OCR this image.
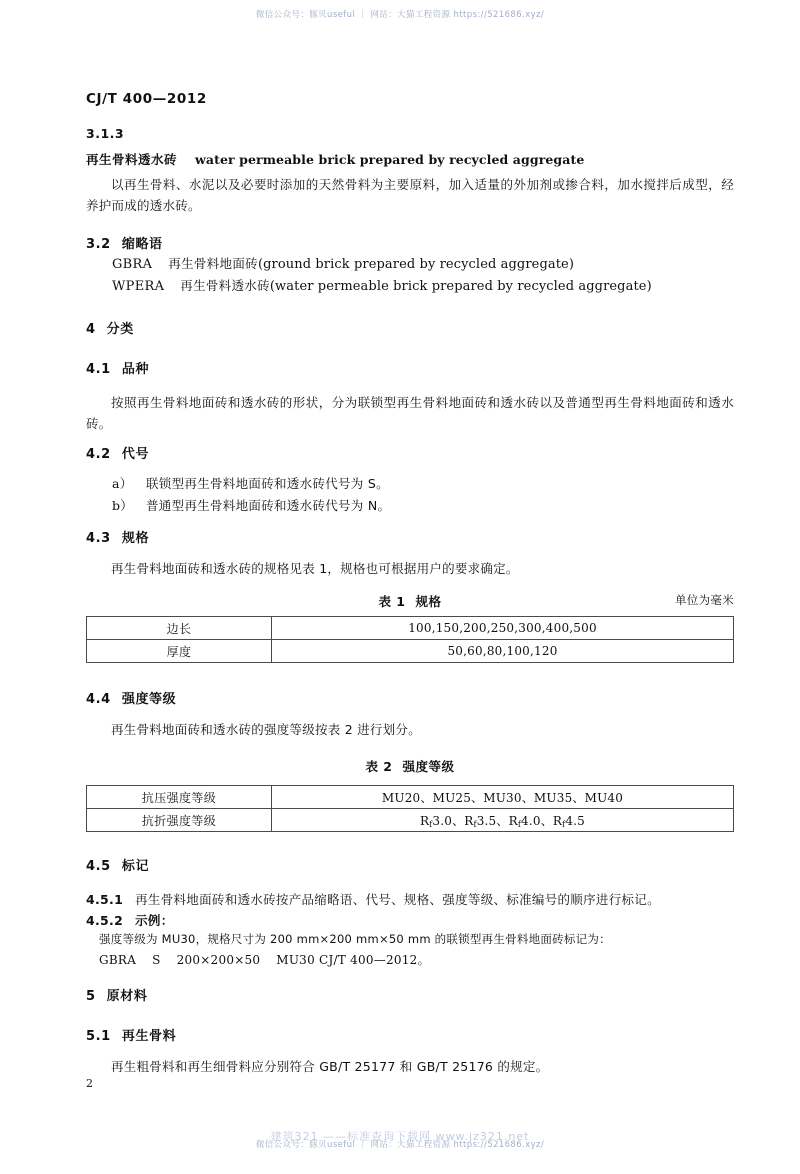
微信公众号：豚贝useful ｜ 网站：大猫工程资源 https://521686.xyz/
CJ/T 400—2012
3.1.3
再生骨料透水砖 water permeable brick prepared by recycled aggregate
以再生骨料、水泥以及必要时添加的天然骨料为主要原料，加入适量的外加剂或掺合料，加水搅拌后成型，经养护而成的透水砖。
3.2 缩略语
GBRA 再生骨料地面砖(ground brick prepared by recycled aggregate)
WPERA 再生骨料透水砖(water permeable brick prepared by recycled aggregate)
4 分类
4.1 品种
按照再生骨料地面砖和透水砖的形状，分为联锁型再生骨料地面砖和透水砖以及普通型再生骨料地面砖和透水砖。
4.2 代号
a） 联锁型再生骨料地面砖和透水砖代号为 S。
b） 普通型再生骨料地面砖和透水砖代号为 N。
4.3 规格
再生骨料地面砖和透水砖的规格见表 1，规格也可根据用户的要求确定。
表 1 规格	单位为毫米
边长	100,150,200,250,300,400,500
厚度	50,60,80,100,120
4.4 强度等级
再生骨料地面砖和透水砖的强度等级按表 2 进行划分。
表 2 强度等级
抗压强度等级	MU20、MU25、MU30、MU35、MU40
抗折强度等级	$R_f3.0$、$R_f3.5$、$R_f4.0$、$R_f4.5$
4.5 标记
4.5.1 再生骨料地面砖和透水砖按产品缩略语、代号、规格、强度等级、标准编号的顺序进行标记。
4.5.2 示例：
强度等级为 MU30，规格尺寸为 200 mm×200 mm×50 mm 的联锁型再生骨料地面砖标记为：
GBRA S 200×200×50 MU30 CJ/T 400—2012。
5 原材料
5.1 再生骨料
再生粗骨料和再生细骨料应分别符合 GB/T 25177 和 GB/T 25176 的规定。
2
建筑321 ——标准查询下载网 www.jz321.net
微信公众号：豚贝useful ｜ 网站：大猫工程资源 https://521686.xyz/
